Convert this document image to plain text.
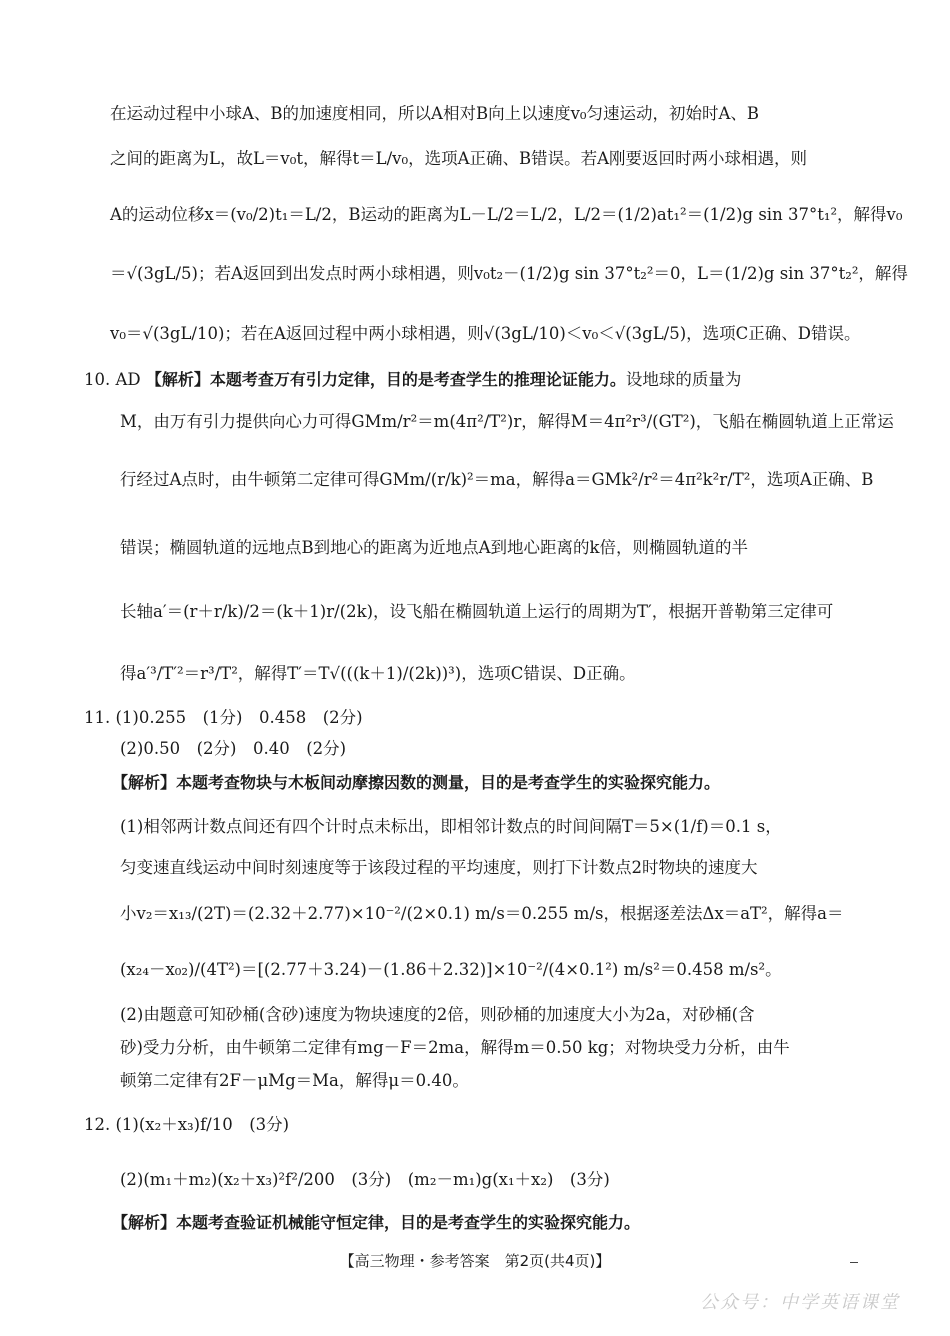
在运动过程中小球A、B的加速度相同，所以A相对B向上以速度v₀匀速运动，初始时A、B
之间的距离为L，故L＝v₀t，解得t＝L/v₀，选项A正确、B错误。若A刚要返回时两小球相遇，则
A的运动位移x＝(v₀/2)t₁＝L/2，B运动的距离为L－L/2＝L/2，L/2＝(1/2)at₁²＝(1/2)g sin 37°t₁²，解得v₀
＝√(3gL/5)；若A返回到出发点时两小球相遇，则v₀t₂－(1/2)g sin 37°t₂²＝0，L＝(1/2)g sin 37°t₂²，解得
v₀＝√(3gL/10)；若在A返回过程中两小球相遇，则√(3gL/10)＜v₀＜√(3gL/5)，选项C正确、D错误。
10. AD 【解析】本题考查万有引力定律，目的是考查学生的推理论证能力。设地球的质量为
M，由万有引力提供向心力可得GMm/r²＝m(4π²/T²)r，解得M＝4π²r³/(GT²)，飞船在椭圆轨道上正常运
行经过A点时，由牛顿第二定律可得GMm/(r/k)²＝ma，解得a＝GMk²/r²＝4π²k²r/T²，选项A正确、B
错误；椭圆轨道的远地点B到地心的距离为近地点A到地心距离的k倍，则椭圆轨道的半
长轴a′＝(r＋r/k)/2＝(k＋1)r/(2k)，设飞船在椭圆轨道上运行的周期为T′，根据开普勒第三定律可
得a′³/T′²＝r³/T²，解得T′＝T√(((k＋1)/(2k))³)，选项C错误、D正确。
11. (1)0.255　(1分)　0.458　(2分)
(2)0.50　(2分)　0.40　(2分)
【解析】本题考查物块与木板间动摩擦因数的测量，目的是考查学生的实验探究能力。
(1)相邻两计数点间还有四个计时点未标出，即相邻计数点的时间间隔T＝5×(1/f)＝0.1 s，
匀变速直线运动中间时刻速度等于该段过程的平均速度，则打下计数点2时物块的速度大
小v₂＝x₁₃/(2T)＝(2.32＋2.77)×10⁻²/(2×0.1) m/s＝0.255 m/s，根据逐差法Δx＝aT²，解得a＝
(x₂₄－x₀₂)/(4T²)＝[(2.77＋3.24)－(1.86＋2.32)]×10⁻²/(4×0.1²) m/s²＝0.458 m/s²。
(2)由题意可知砂桶(含砂)速度为物块速度的2倍，则砂桶的加速度大小为2a，对砂桶(含
砂)受力分析，由牛顿第二定律有mg－F＝2ma，解得m＝0.50 kg；对物块受力分析，由牛
顿第二定律有2F－μMg＝Ma，解得μ＝0.40。
12. (1)(x₂＋x₃)f/10　(3分)
(2)(m₁＋m₂)(x₂＋x₃)²f²/200　(3分)　(m₂－m₁)g(x₁＋x₂)　(3分)
【解析】本题考查验证机械能守恒定律，目的是考查学生的实验探究能力。
【高三物理・参考答案　第2页(共4页)】
公众号：中学英语课堂
